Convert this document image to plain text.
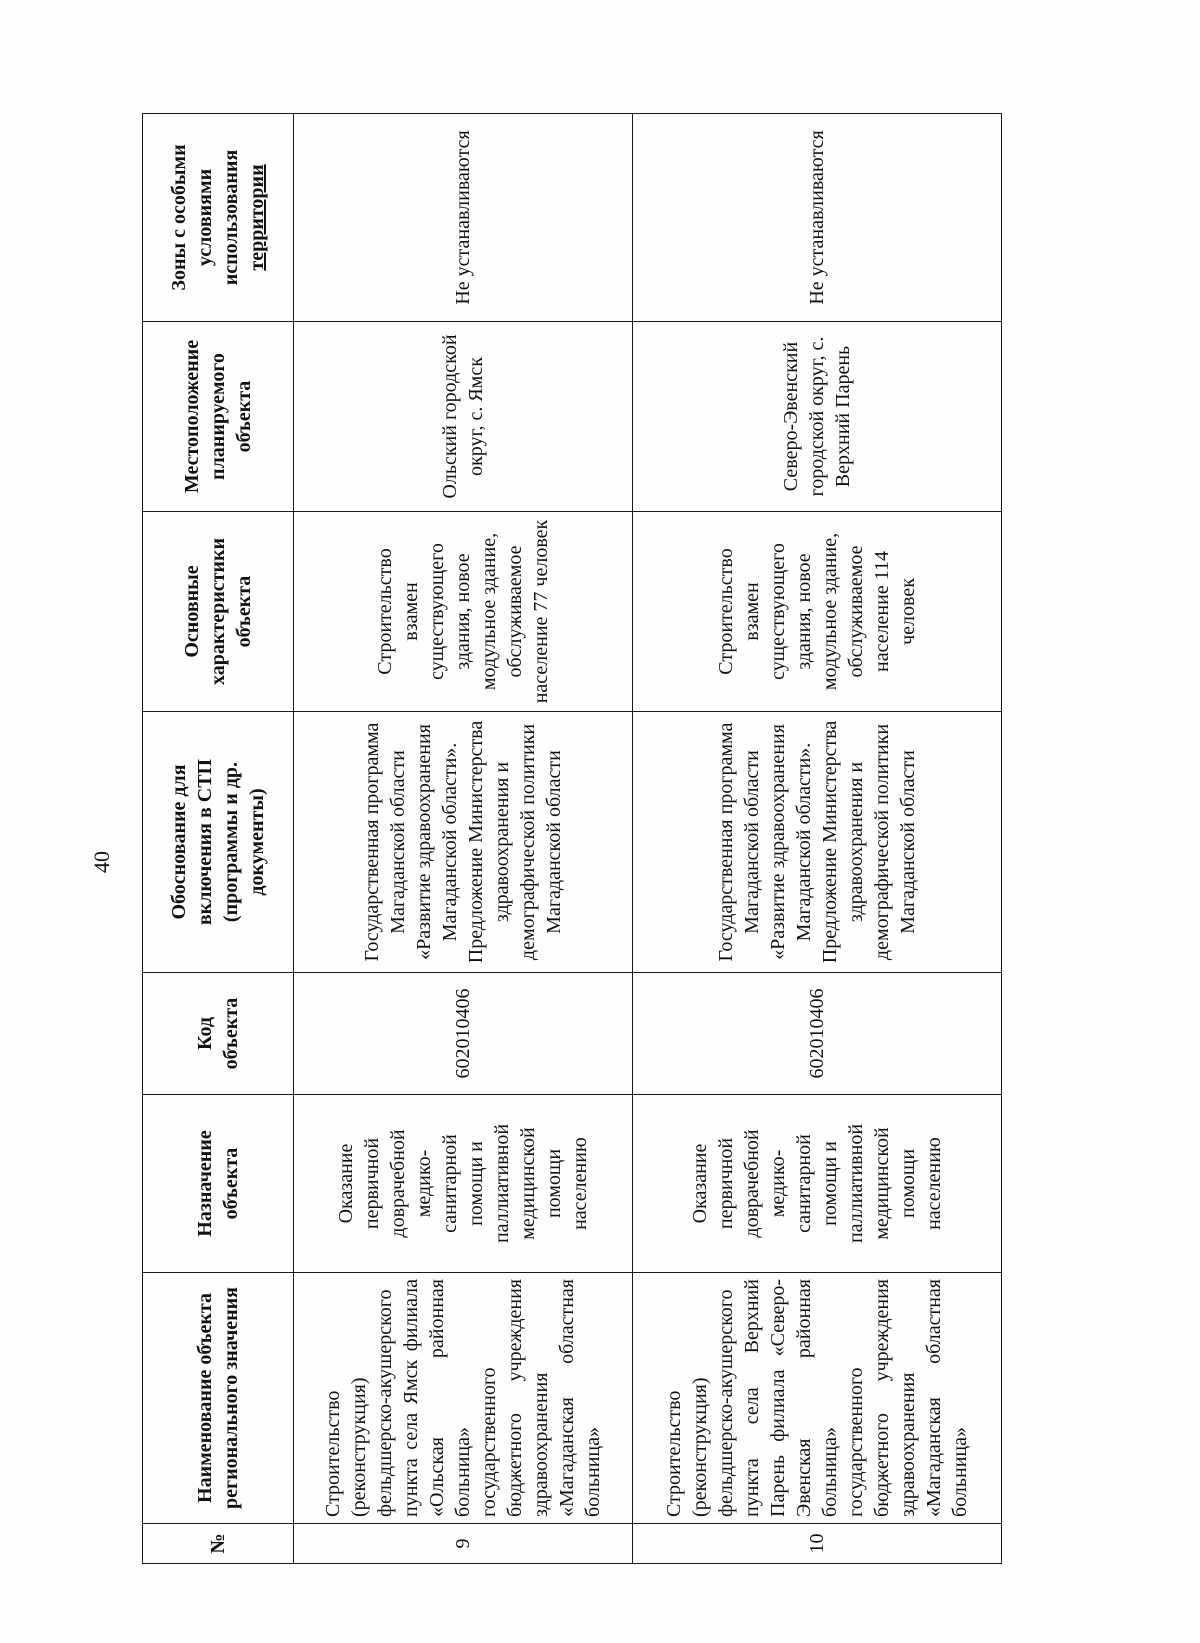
40
№	Наименование объекта регионального значения	Назначение объекта	Код объекта	Обоснование для включения в СТП (программы и др. документы)	Основные характеристики объекта	Местоположение планируемого объекта	Зоны с особыми условиями использования территории

9	Строительство (реконструкция) фельдшерско-акушерского пункта села Ямск филиала «Ольская районная больница» государственного бюджетного учреждения здравоохранения «Магаданская областная больница»	Оказание первичной доврачебной медико-санитарной помощи и паллиативной медицинской помощи населению	602010406	Государственная программа Магаданской области «Развитие здравоохранения Магаданской области». Предложение Министерства здравоохранения и демографической политики Магаданской области	Строительство взамен существующего здания, новое модульное здание, обслуживаемое население 77 человек	Ольский городской округ, с. Ямск	Не устанавливаются
10	Строительство (реконструкция) фельдшерско-акушерского пункта села Верхний Парень филиала «Северо-Эвенская районная больница» государственного бюджетного учреждения здравоохранения «Магаданская областная больница»	Оказание первичной доврачебной медико-санитарной помощи и паллиативной медицинской помощи населению	602010406	Государственная программа Магаданской области «Развитие здравоохранения Магаданской области». Предложение Министерства здравоохранения и демографической политики Магаданской области	Строительство взамен существующего здания, новое модульное здание, обслуживаемое население 114 человек	Северо-Эвенский городской округ, с. Верхний Парень	Не устанавливаются
